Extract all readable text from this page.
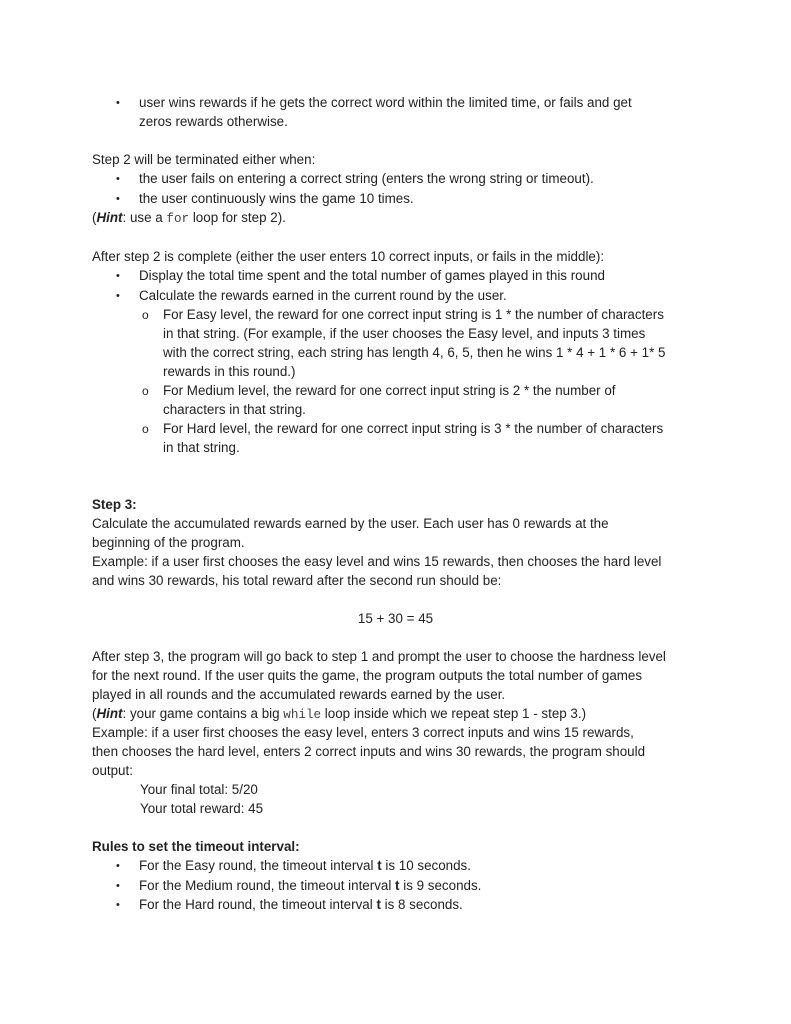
• user wins rewards if he gets the correct word within the limited time, or fails and get
zeros rewards otherwise.
Step 2 will be terminated either when:
• the user fails on entering a correct string (enters the wrong string or timeout).
• the user continuously wins the game 10 times.
(Hint: use a for loop for step 2).
After step 2 is complete (either the user enters 10 correct inputs, or fails in the middle):
• Display the total time spent and the total number of games played in this round
• Calculate the rewards earned in the current round by the user.
o For Easy level, the reward for one correct input string is 1 * the number of characters
in that string. (For example, if the user chooses the Easy level, and inputs 3 times
with the correct string, each string has length 4, 6, 5, then he wins 1 * 4 + 1 * 6 + 1* 5
rewards in this round.)
o For Medium level, the reward for one correct input string is 2 * the number of
characters in that string.
o For Hard level, the reward for one correct input string is 3 * the number of characters
in that string.
Step 3:
Calculate the accumulated rewards earned by the user. Each user has 0 rewards at the
beginning of the program.
Example: if a user first chooses the easy level and wins 15 rewards, then chooses the hard level
and wins 30 rewards, his total reward after the second run should be:
15 + 30 = 45
After step 3, the program will go back to step 1 and prompt the user to choose the hardness level
for the next round. If the user quits the game, the program outputs the total number of games
played in all rounds and the accumulated rewards earned by the user.
(Hint: your game contains a big while loop inside which we repeat step 1 - step 3.)
Example: if a user first chooses the easy level, enters 3 correct inputs and wins 15 rewards,
then chooses the hard level, enters 2 correct inputs and wins 30 rewards, the program should
output:
Your final total: 5/20
Your total reward: 45
Rules to set the timeout interval:
• For the Easy round, the timeout interval t is 10 seconds.
• For the Medium round, the timeout interval t is 9 seconds.
• For the Hard round, the timeout interval t is 8 seconds.
